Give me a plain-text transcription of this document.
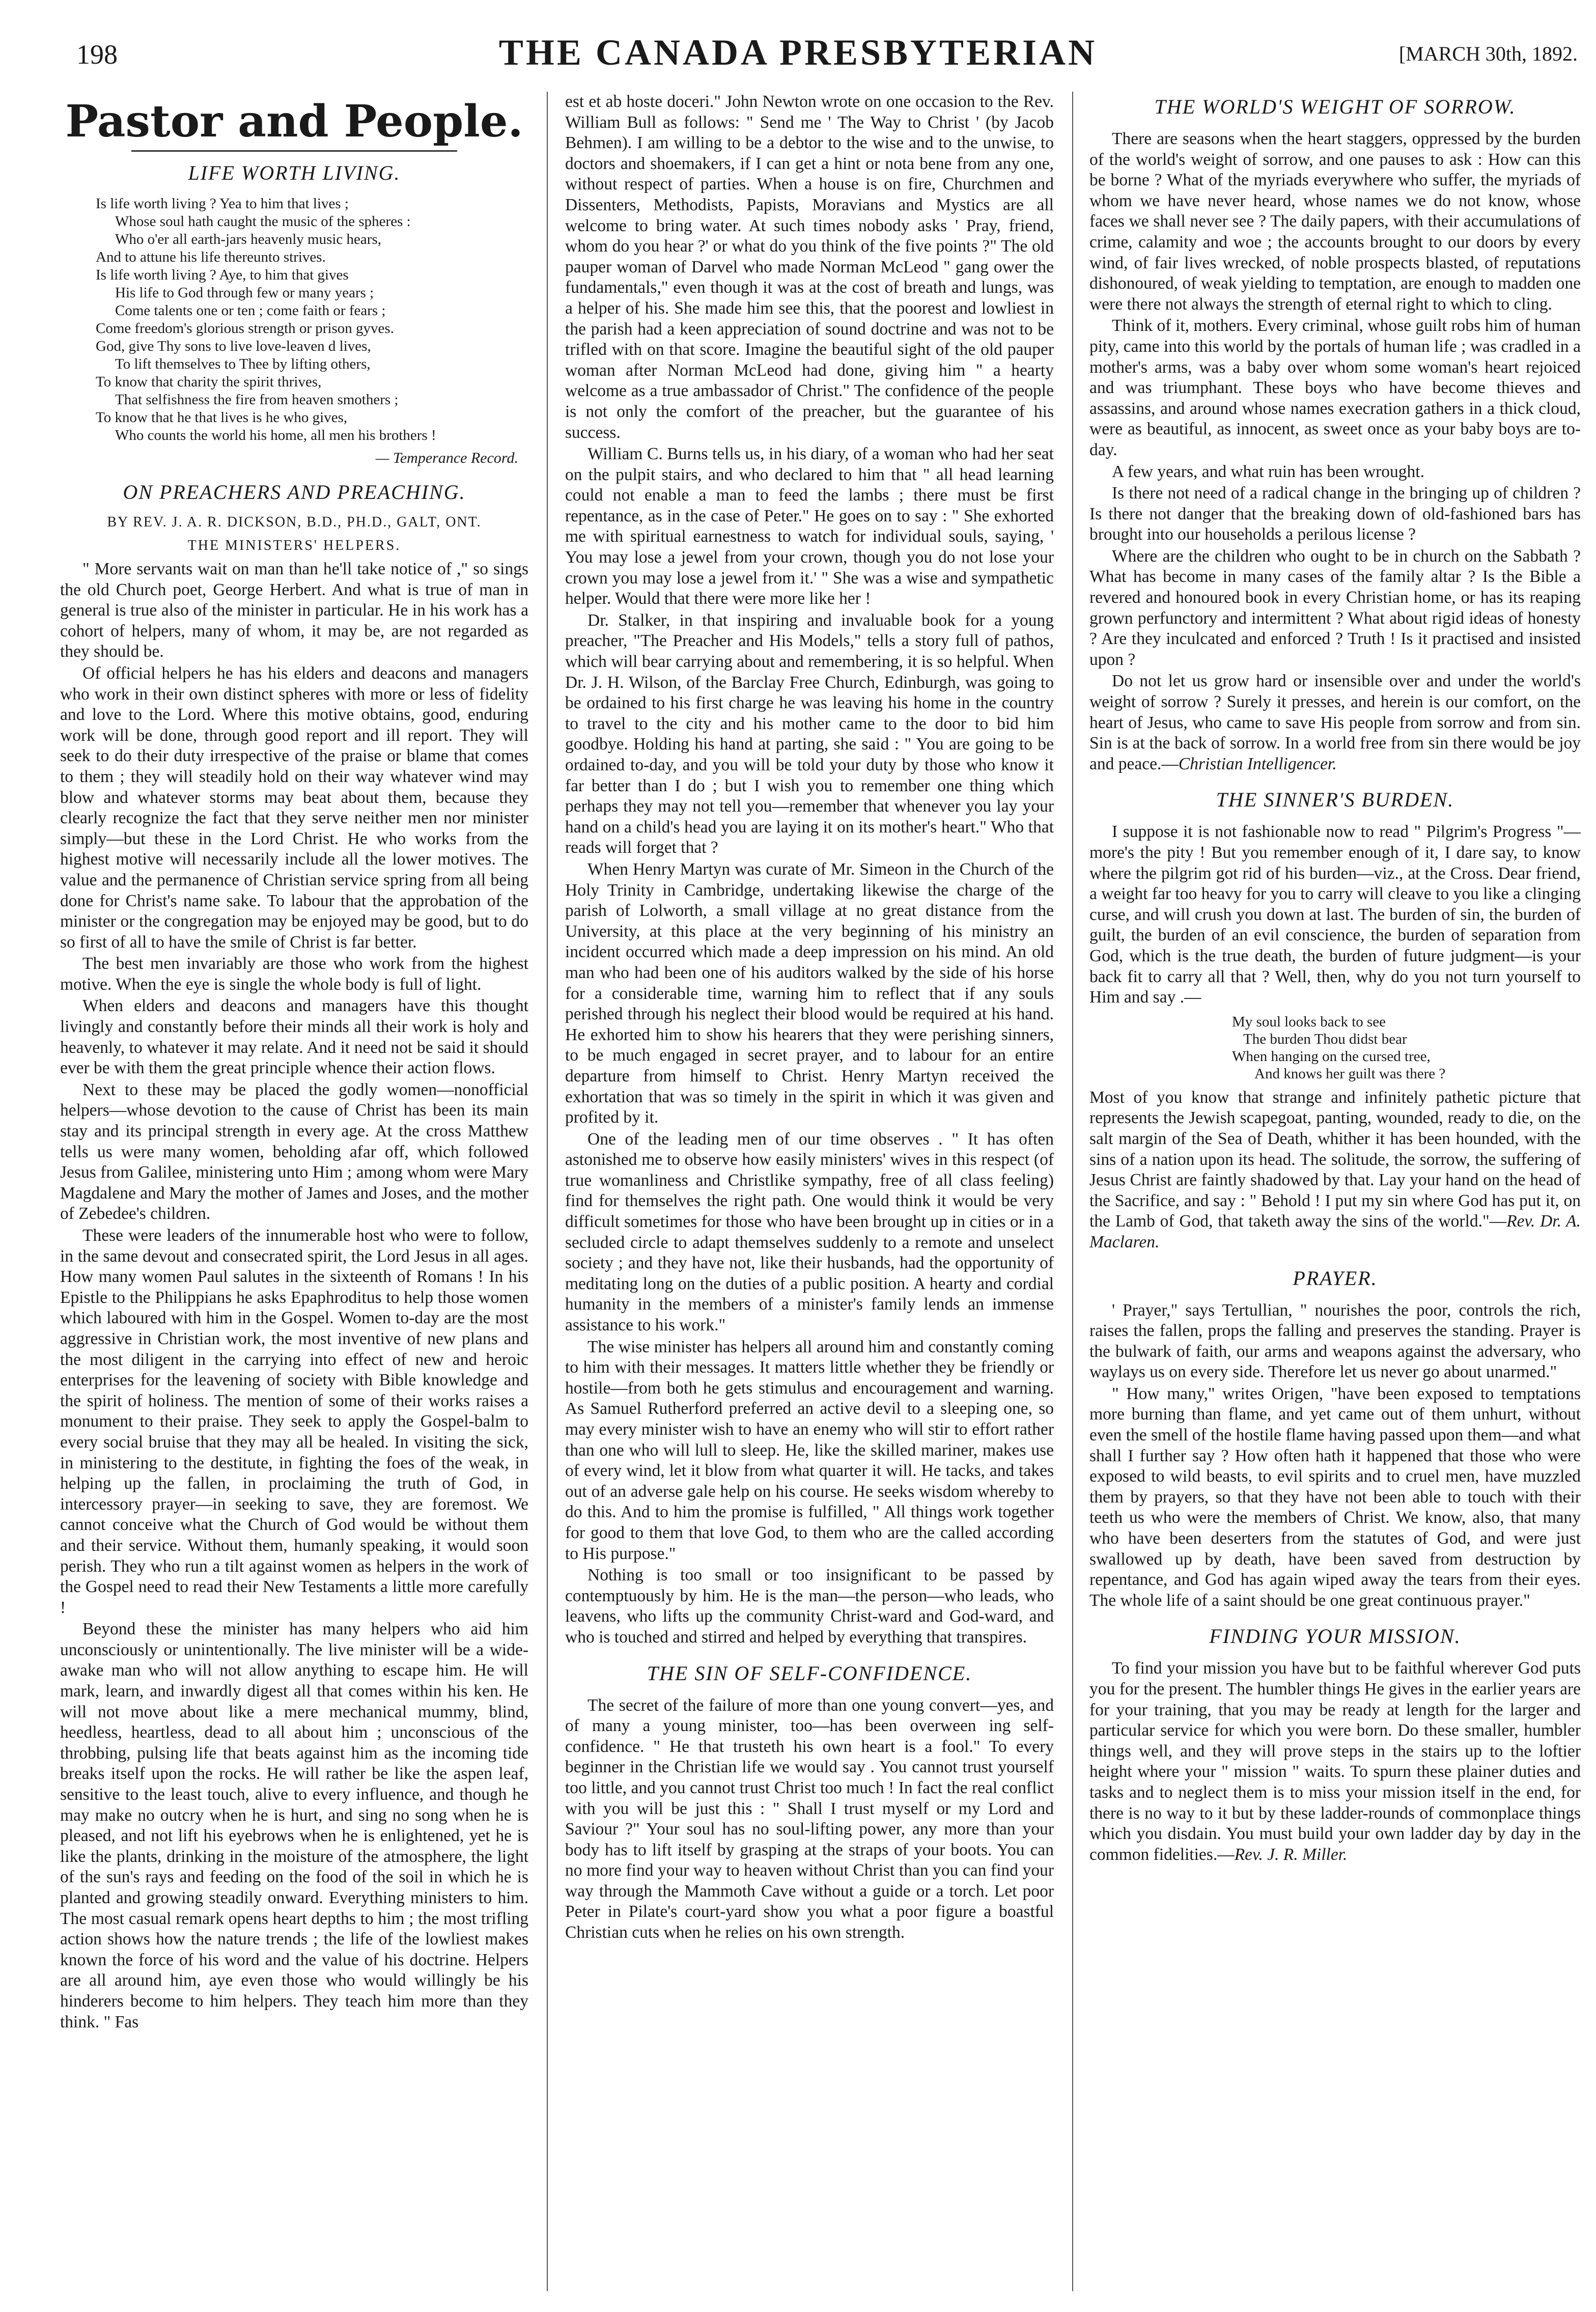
198	THE CANADA PRESBYTERIAN	[MARCH 30th, 1892.
Pastor and People.
LIFE WORTH LIVING.
Is life worth living ? Yea to him that lives ;
Whose soul hath caught the music of the spheres :
Who o'er all earth-jars heavenly music hears,
And to attune his life thereunto strives.
Is life worth living ? Aye, to him that gives
His life to God through few or many years ;
Come talents one or ten ; come faith or fears ;
Come freedom's glorious strength or prison gyves.
God, give Thy sons to live love-leaven d lives,
To lift themselves to Thee by lifting others,
To know that charity the spirit thrives,
That selfishness the fire from heaven smothers ;
To know that he that lives is he who gives,
Who counts the world his home, all men his brothers !
— Temperance Record.
ON PREACHERS AND PREACHING.
BY REV. J. A. R. DICKSON, B.D., PH.D., GALT, ONT.
THE MINISTERS' HELPERS.

" More servants wait on man than he'll take notice of ," so sings the old Church poet, George Herbert. And what is true of man in general is true also of the minister in particular. He in his work has a cohort of helpers, many of whom, it may be, are not regarded as they should be.

Of official helpers he has his elders and deacons and managers who work in their own distinct spheres with more or less of fidelity and love to the Lord. Where this motive obtains, good, enduring work will be done, through good report and ill report. They will seek to do their duty irrespective of the praise or blame that comes to them ; they will steadily hold on their way whatever wind may blow and whatever storms may beat about them, because they clearly recognize the fact that they serve neither men nor minister simply—but these in the Lord Christ. He who works from the highest motive will necessarily include all the lower motives. The value and the permanence of Christian service spring from all being done for Christ's name sake. To labour that the approbation of the minister or the congregation may be enjoyed may be good, but to do so first of all to have the smile of Christ is far better.

The best men invariably are those who work from the highest motive. When the eye is single the whole body is full of light.

When elders and deacons and managers have this thought livingly and constantly before their minds all their work is holy and heavenly, to whatever it may relate. And it need not be said it should ever be with them the great principle whence their action flows.

Next to these may be placed the godly women—nonofficial helpers—whose devotion to the cause of Christ has been its main stay and its principal strength in every age. At the cross Matthew tells us were many women, beholding afar off, which followed Jesus from Galilee, ministering unto Him ; among whom were Mary Magdalene and Mary the mother of James and Joses, and the mother of Zebedee's children.

These were leaders of the innumerable host who were to follow, in the same devout and consecrated spirit, the Lord Jesus in all ages. How many women Paul salutes in the sixteenth of Romans ! In his Epistle to the Philippians he asks Epaphroditus to help those women which laboured with him in the Gospel. Women to-day are the most aggressive in Christian work, the most inventive of new plans and the most diligent in the carrying into effect of new and heroic enterprises for the leavening of society with Bible knowledge and the spirit of holiness. The mention of some of their works raises a monument to their praise. They seek to apply the Gospel-balm to every social bruise that they may all be healed. In visiting the sick, in ministering to the destitute, in fighting the foes of the weak, in helping up the fallen, in proclaiming the truth of God, in intercessory prayer—in seeking to save, they are foremost. We cannot conceive what the Church of God would be without them and their service. Without them, humanly speaking, it would soon perish. They who run a tilt against women as helpers in the work of the Gospel need to read their New Testaments a little more carefully !

Beyond these the minister has many helpers who aid him unconsciously or unintentionally. The live minister will be a wide-awake man who will not allow anything to escape him. He will mark, learn, and inwardly digest all that comes within his ken. He will not move about like a mere mechanical mummy, blind, heedless, heartless, dead to all about him ; unconscious of the throbbing, pulsing life that beats against him as the incoming tide breaks itself upon the rocks. He will rather be like the aspen leaf, sensitive to the least touch, alive to every influence, and though he may make no outcry when he is hurt, and sing no song when he is pleased, and not lift his eyebrows when he is enlightened, yet he is like the plants, drinking in the moisture of the atmosphere, the light of the sun's rays and feeding on the food of the soil in which he is planted and growing steadily onward. Everything ministers to him. The most casual remark opens heart depths to him ; the most trifling action shows how the nature trends ; the life of the lowliest makes known the force of his word and the value of his doctrine. Helpers are all around him, aye even those who would willingly be his hinderers become to him helpers. They teach him more than they think. " Fas

est et ab hoste doceri." John Newton wrote on one occasion to the Rev. William Bull as follows: " Send me ' The Way to Christ ' (by Jacob Behmen). I am willing to be a debtor to the wise and to the unwise, to doctors and shoemakers, if I can get a hint or nota bene from any one, without respect of parties. When a house is on fire, Churchmen and Dissenters, Methodists, Papists, Moravians and Mystics are all welcome to bring water. At such times nobody asks ' Pray, friend, whom do you hear ?' or what do you think of the five points ?" The old pauper woman of Darvel who made Norman McLeod " gang ower the fundamentals," even though it was at the cost of breath and lungs, was a helper of his. She made him see this, that the poorest and lowliest in the parish had a keen appreciation of sound doctrine and was not to be trifled with on that score. Imagine the beautiful sight of the old pauper woman after Norman McLeod had done, giving him " a hearty welcome as a true ambassador of Christ." The confidence of the people is not only the comfort of the preacher, but the guarantee of his success.

William C. Burns tells us, in his diary, of a woman who had her seat on the pulpit stairs, and who declared to him that " all head learning could not enable a man to feed the lambs ; there must be first repentance, as in the case of Peter." He goes on to say : " She exhorted me with spiritual earnestness to watch for individual souls, saying, ' You may lose a jewel from your crown, though you do not lose your crown you may lose a jewel from it.' " She was a wise and sympathetic helper. Would that there were more like her !

Dr. Stalker, in that inspiring and invaluable book for a young preacher, "The Preacher and His Models," tells a story full of pathos, which will bear carrying about and remembering, it is so helpful. When Dr. J. H. Wilson, of the Barclay Free Church, Edinburgh, was going to be ordained to his first charge he was leaving his home in the country to travel to the city and his mother came to the door to bid him goodbye. Holding his hand at parting, she said : " You are going to be ordained to-day, and you will be told your duty by those who know it far better than I do ; but I wish you to remember one thing which perhaps they may not tell you—remember that whenever you lay your hand on a child's head you are laying it on its mother's heart." Who that reads will forget that ?

When Henry Martyn was curate of Mr. Simeon in the Church of the Holy Trinity in Cambridge, undertaking likewise the charge of the parish of Lolworth, a small village at no great distance from the University, at this place at the very beginning of his ministry an incident occurred which made a deep impression on his mind. An old man who had been one of his auditors walked by the side of his horse for a considerable time, warning him to reflect that if any souls perished through his neglect their blood would be required at his hand. He exhorted him to show his hearers that they were perishing sinners, to be much engaged in secret prayer, and to labour for an entire departure from himself to Christ. Henry Martyn received the exhortation that was so timely in the spirit in which it was given and profited by it.

One of the leading men of our time observes . " It has often astonished me to observe how easily ministers' wives in this respect (of true womanliness and Christlike sympathy, free of all class feeling) find for themselves the right path. One would think it would be very difficult sometimes for those who have been brought up in cities or in a secluded circle to adapt themselves suddenly to a remote and unselect society ; and they have not, like their husbands, had the opportunity of meditating long on the duties of a public position. A hearty and cordial humanity in the members of a minister's family lends an immense assistance to his work."

The wise minister has helpers all around him and constantly coming to him with their messages. It matters little whether they be friendly or hostile—from both he gets stimulus and encouragement and warning. As Samuel Rutherford preferred an active devil to a sleeping one, so may every minister wish to have an enemy who will stir to effort rather than one who will lull to sleep. He, like the skilled mariner, makes use of every wind, let it blow from what quarter it will. He tacks, and takes out of an adverse gale help on his course. He seeks wisdom whereby to do this. And to him the promise is fulfilled, " All things work together for good to them that love God, to them who are the called according to His purpose."

Nothing is too small or too insignificant to be passed by contemptuously by him. He is the man—the person—who leads, who leavens, who lifts up the community Christ-ward and God-ward, and who is touched and stirred and helped by everything that transpires.

THE SIN OF SELF-CONFIDENCE.

The secret of the failure of more than one young convert—yes, and of many a young minister, too—has been overween ing self-confidence. " He that trusteth his own heart is a fool." To every beginner in the Christian life we would say . You cannot trust yourself too little, and you cannot trust Christ too much ! In fact the real conflict with you will be just this : " Shall I trust myself or my Lord and Saviour ?" Your soul has no soul-lifting power, any more than your body has to lift itself by grasping at the straps of your boots. You can no more find your way to heaven without Christ than you can find your way through the Mammoth Cave without a guide or a torch. Let poor Peter in Pilate's court-yard show you what a poor figure a boastful Christian cuts when he relies on his own strength.

THE WORLD'S WEIGHT OF SORROW.

There are seasons when the heart staggers, oppressed by the burden of the world's weight of sorrow, and one pauses to ask : How can this be borne ? What of the myriads everywhere who suffer, the myriads of whom we have never heard, whose names we do not know, whose faces we shall never see ? The daily papers, with their accumulations of crime, calamity and woe ; the accounts brought to our doors by every wind, of fair lives wrecked, of noble prospects blasted, of reputations dishonoured, of weak yielding to temptation, are enough to madden one were there not always the strength of eternal right to which to cling.

Think of it, mothers. Every criminal, whose guilt robs him of human pity, came into this world by the portals of human life ; was cradled in a mother's arms, was a baby over whom some woman's heart rejoiced and was triumphant. These boys who have become thieves and assassins, and around whose names execration gathers in a thick cloud, were as beautiful, as innocent, as sweet once as your baby boys are to-day.

A few years, and what ruin has been wrought.

Is there not need of a radical change in the bringing up of children ? Is there not danger that the breaking down of old-fashioned bars has brought into our households a perilous license ?

Where are the children who ought to be in church on the Sabbath ? What has become in many cases of the family altar ? Is the Bible a revered and honoured book in every Christian home, or has its reaping grown perfunctory and intermittent ? What about rigid ideas of honesty ? Are they inculcated and enforced ? Truth ! Is it practised and insisted upon ?

Do not let us grow hard or insensible over and under the world's weight of sorrow ? Surely it presses, and herein is our comfort, on the heart of Jesus, who came to save His people from sorrow and from sin. Sin is at the back of sorrow. In a world free from sin there would be joy and peace.—Christian Intelligencer.

THE SINNER'S BURDEN.

I suppose it is not fashionable now to read " Pilgrim's Progress "—more's the pity ! But you remember enough of it, I dare say, to know where the pilgrim got rid of his burden—viz., at the Cross. Dear friend, a weight far too heavy for you to carry will cleave to you like a clinging curse, and will crush you down at last. The burden of sin, the burden of guilt, the burden of an evil conscience, the burden of separation from God, which is the true death, the burden of future judgment—is your back fit to carry all that ? Well, then, why do you not turn yourself to Him and say .—

My soul looks back to see
The burden Thou didst bear
When hanging on the cursed tree,
And knows her guilt was there ?

Most of you know that strange and infinitely pathetic picture that represents the Jewish scapegoat, panting, wounded, ready to die, on the salt margin of the Sea of Death, whither it has been hounded, with the sins of a nation upon its head. The solitude, the sorrow, the suffering of Jesus Christ are faintly shadowed by that. Lay your hand on the head of the Sacrifice, and say : " Behold ! I put my sin where God has put it, on the Lamb of God, that taketh away the sins of the world."—Rev. Dr. A. Maclaren.

PRAYER.

' Prayer," says Tertullian, " nourishes the poor, controls the rich, raises the fallen, props the falling and preserves the standing. Prayer is the bulwark of faith, our arms and weapons against the adversary, who waylays us on every side. Therefore let us never go about unarmed."

" How many," writes Origen, "have been exposed to temptations more burning than flame, and yet came out of them unhurt, without even the smell of the hostile flame having passed upon them—and what shall I further say ? How often hath it happened that those who were exposed to wild beasts, to evil spirits and to cruel men, have muzzled them by prayers, so that they have not been able to touch with their teeth us who were the members of Christ. We know, also, that many who have been deserters from the statutes of God, and were just swallowed up by death, have been saved from destruction by repentance, and God has again wiped away the tears from their eyes. The whole life of a saint should be one great continuous prayer."

FINDING YOUR MISSION.

To find your mission you have but to be faithful wherever God puts you for the present. The humbler things He gives in the earlier years are for your training, that you may be ready at length for the larger and particular service for which you were born. Do these smaller, humbler things well, and they will prove steps in the stairs up to the loftier height where your " mission " waits. To spurn these plainer duties and tasks and to neglect them is to miss your mission itself in the end, for there is no way to it but by these ladder-rounds of commonplace things which you disdain. You must build your own ladder day by day in the common fidelities.—Rev. J. R. Miller.
